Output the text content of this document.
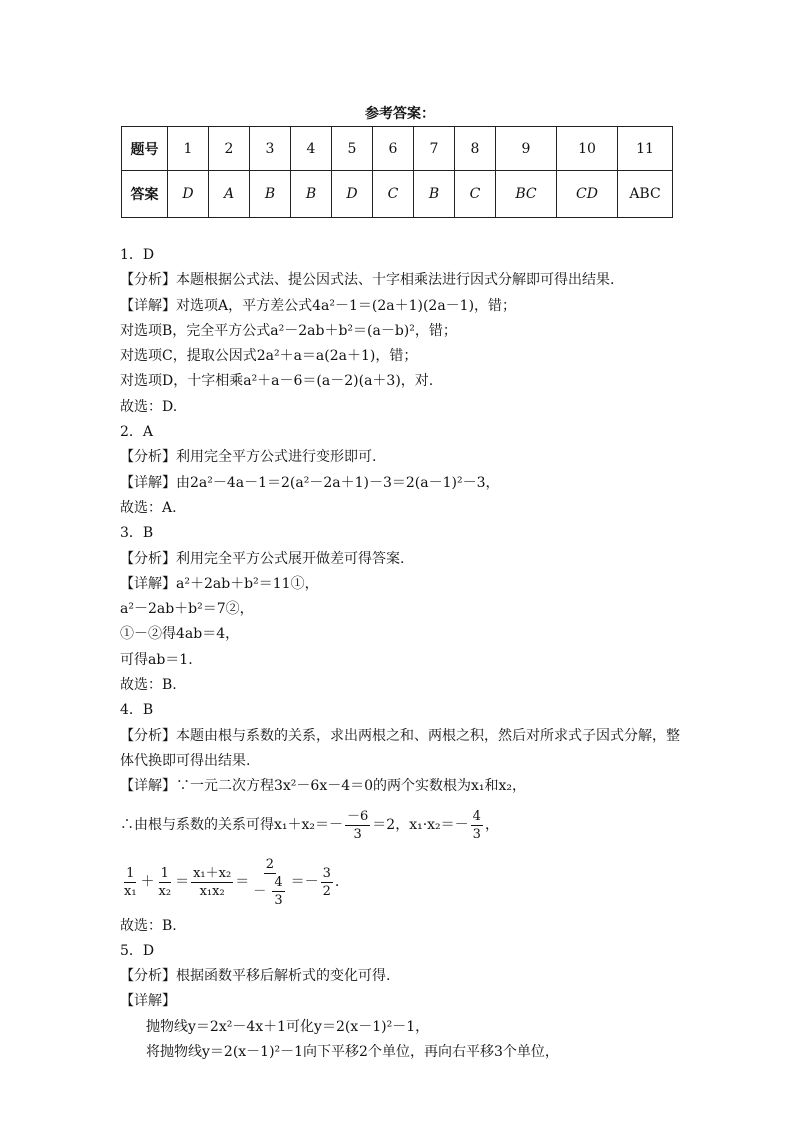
参考答案：
题号	1	2	3	4	5	6	7	8	9	10	11
答案	D	A	B	B	D	C	B	C	BC	CD	ABC
1．D
【分析】本题根据公式法、提公因式法、十字相乘法进行因式分解即可得出结果.
【详解】对选项A，平方差公式4a²－1＝(2a＋1)(2a－1)，错；
对选项B，完全平方公式a²－2ab＋b²＝(a－b)²，错；
对选项C，提取公因式2a²＋a＝a(2a＋1)，错；
对选项D，十字相乘a²＋a－6＝(a－2)(a＋3)，对.
故选：D.
2．A
【分析】利用完全平方公式进行变形即可.
【详解】由2a²－4a－1＝2(a²－2a＋1)－3＝2(a－1)²－3，
故选：A.
3．B
【分析】利用完全平方公式展开做差可得答案.
【详解】a²＋2ab＋b²＝11①，
a²－2ab＋b²＝7②，
①－②得4ab＝4，
可得ab＝1.
故选：B.
4．B
【分析】本题由根与系数的关系，求出两根之和、两根之积，然后对所求式子因式分解，整体代换即可得出结果.
【详解】∵一元二次方程3x²－6x－4＝0的两个实数根为x₁和x₂，
∴由根与系数的关系可得$x_1+x_2=- \frac{-6}{3} =2$，$x_1\cdot x_2=- \frac{4}{3}$ ，
$\frac{1}{\text{x₁}} + \frac{1}{\text{x₂}} = \frac{\text{x₁＋x₂}}{\text{x₁x₂}} = \frac{2}{- \frac{4}{3}} =- \frac{3}{2}$ .
故选：B.
5．D
【分析】根据函数平移后解析式的变化可得.
【详解】
抛物线y＝2x²－4x＋1可化y＝2(x－1)²－1，
将抛物线y＝2(x－1)²－1向下平移2个单位，再向右平移3个单位，
